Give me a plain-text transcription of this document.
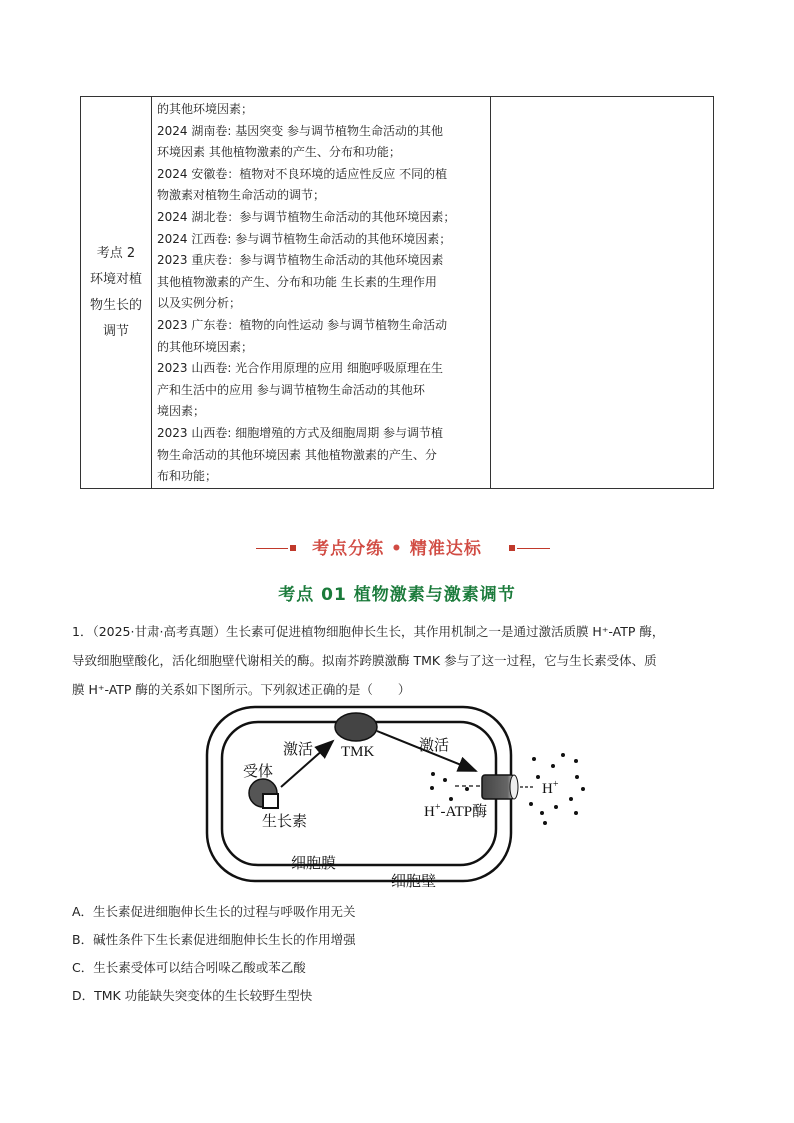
考点 2
环境对植
物生长的
调节
的其他环境因素；
2024 湖南卷: 基因突变 参与调节植物生命活动的其他
环境因素 其他植物激素的产生、分布和功能；
2024 安徽卷：植物对不良环境的适应性反应 不同的植
物激素对植物生命活动的调节；
2024 湖北卷：参与调节植物生命活动的其他环境因素；
2024 江西卷: 参与调节植物生命活动的其他环境因素；
2023 重庆卷：参与调节植物生命活动的其他环境因素
其他植物激素的产生、分布和功能 生长素的生理作用
以及实例分析；
2023 广东卷：植物的向性运动 参与调节植物生命活动
的其他环境因素；
2023 山西卷: 光合作用原理的应用 细胞呼吸原理在生
产和生活中的应用 参与调节植物生命活动的其他环
境因素；
2023 山西卷: 细胞增殖的方式及细胞周期 参与调节植
物生命活动的其他环境因素 其他植物激素的产生、分
布和功能；
考点分练 • 精准达标
考点 01 植物激素与激素调节
1．（2025·甘肃·高考真题）生长素可促进植物细胞伸长生长，其作用机制之一是通过激活质膜 H⁺-ATP 酶，
导致细胞壁酸化，活化细胞壁代谢相关的酶。拟南芥跨膜激酶 TMK 参与了这一过程，它与生长素受体、质
膜 H⁺-ATP 酶的关系如下图所示。下列叙述正确的是（　　）
TMK
激活	激活
受体
生长素
H+-ATP酶
H+
细胞膜
细胞壁
A．生长素促进细胞伸长生长的过程与呼吸作用无关
B．碱性条件下生长素促进细胞伸长生长的作用增强
C．生长素受体可以结合吲哚乙酸或苯乙酸
D．TMK 功能缺失突变体的生长较野生型快
